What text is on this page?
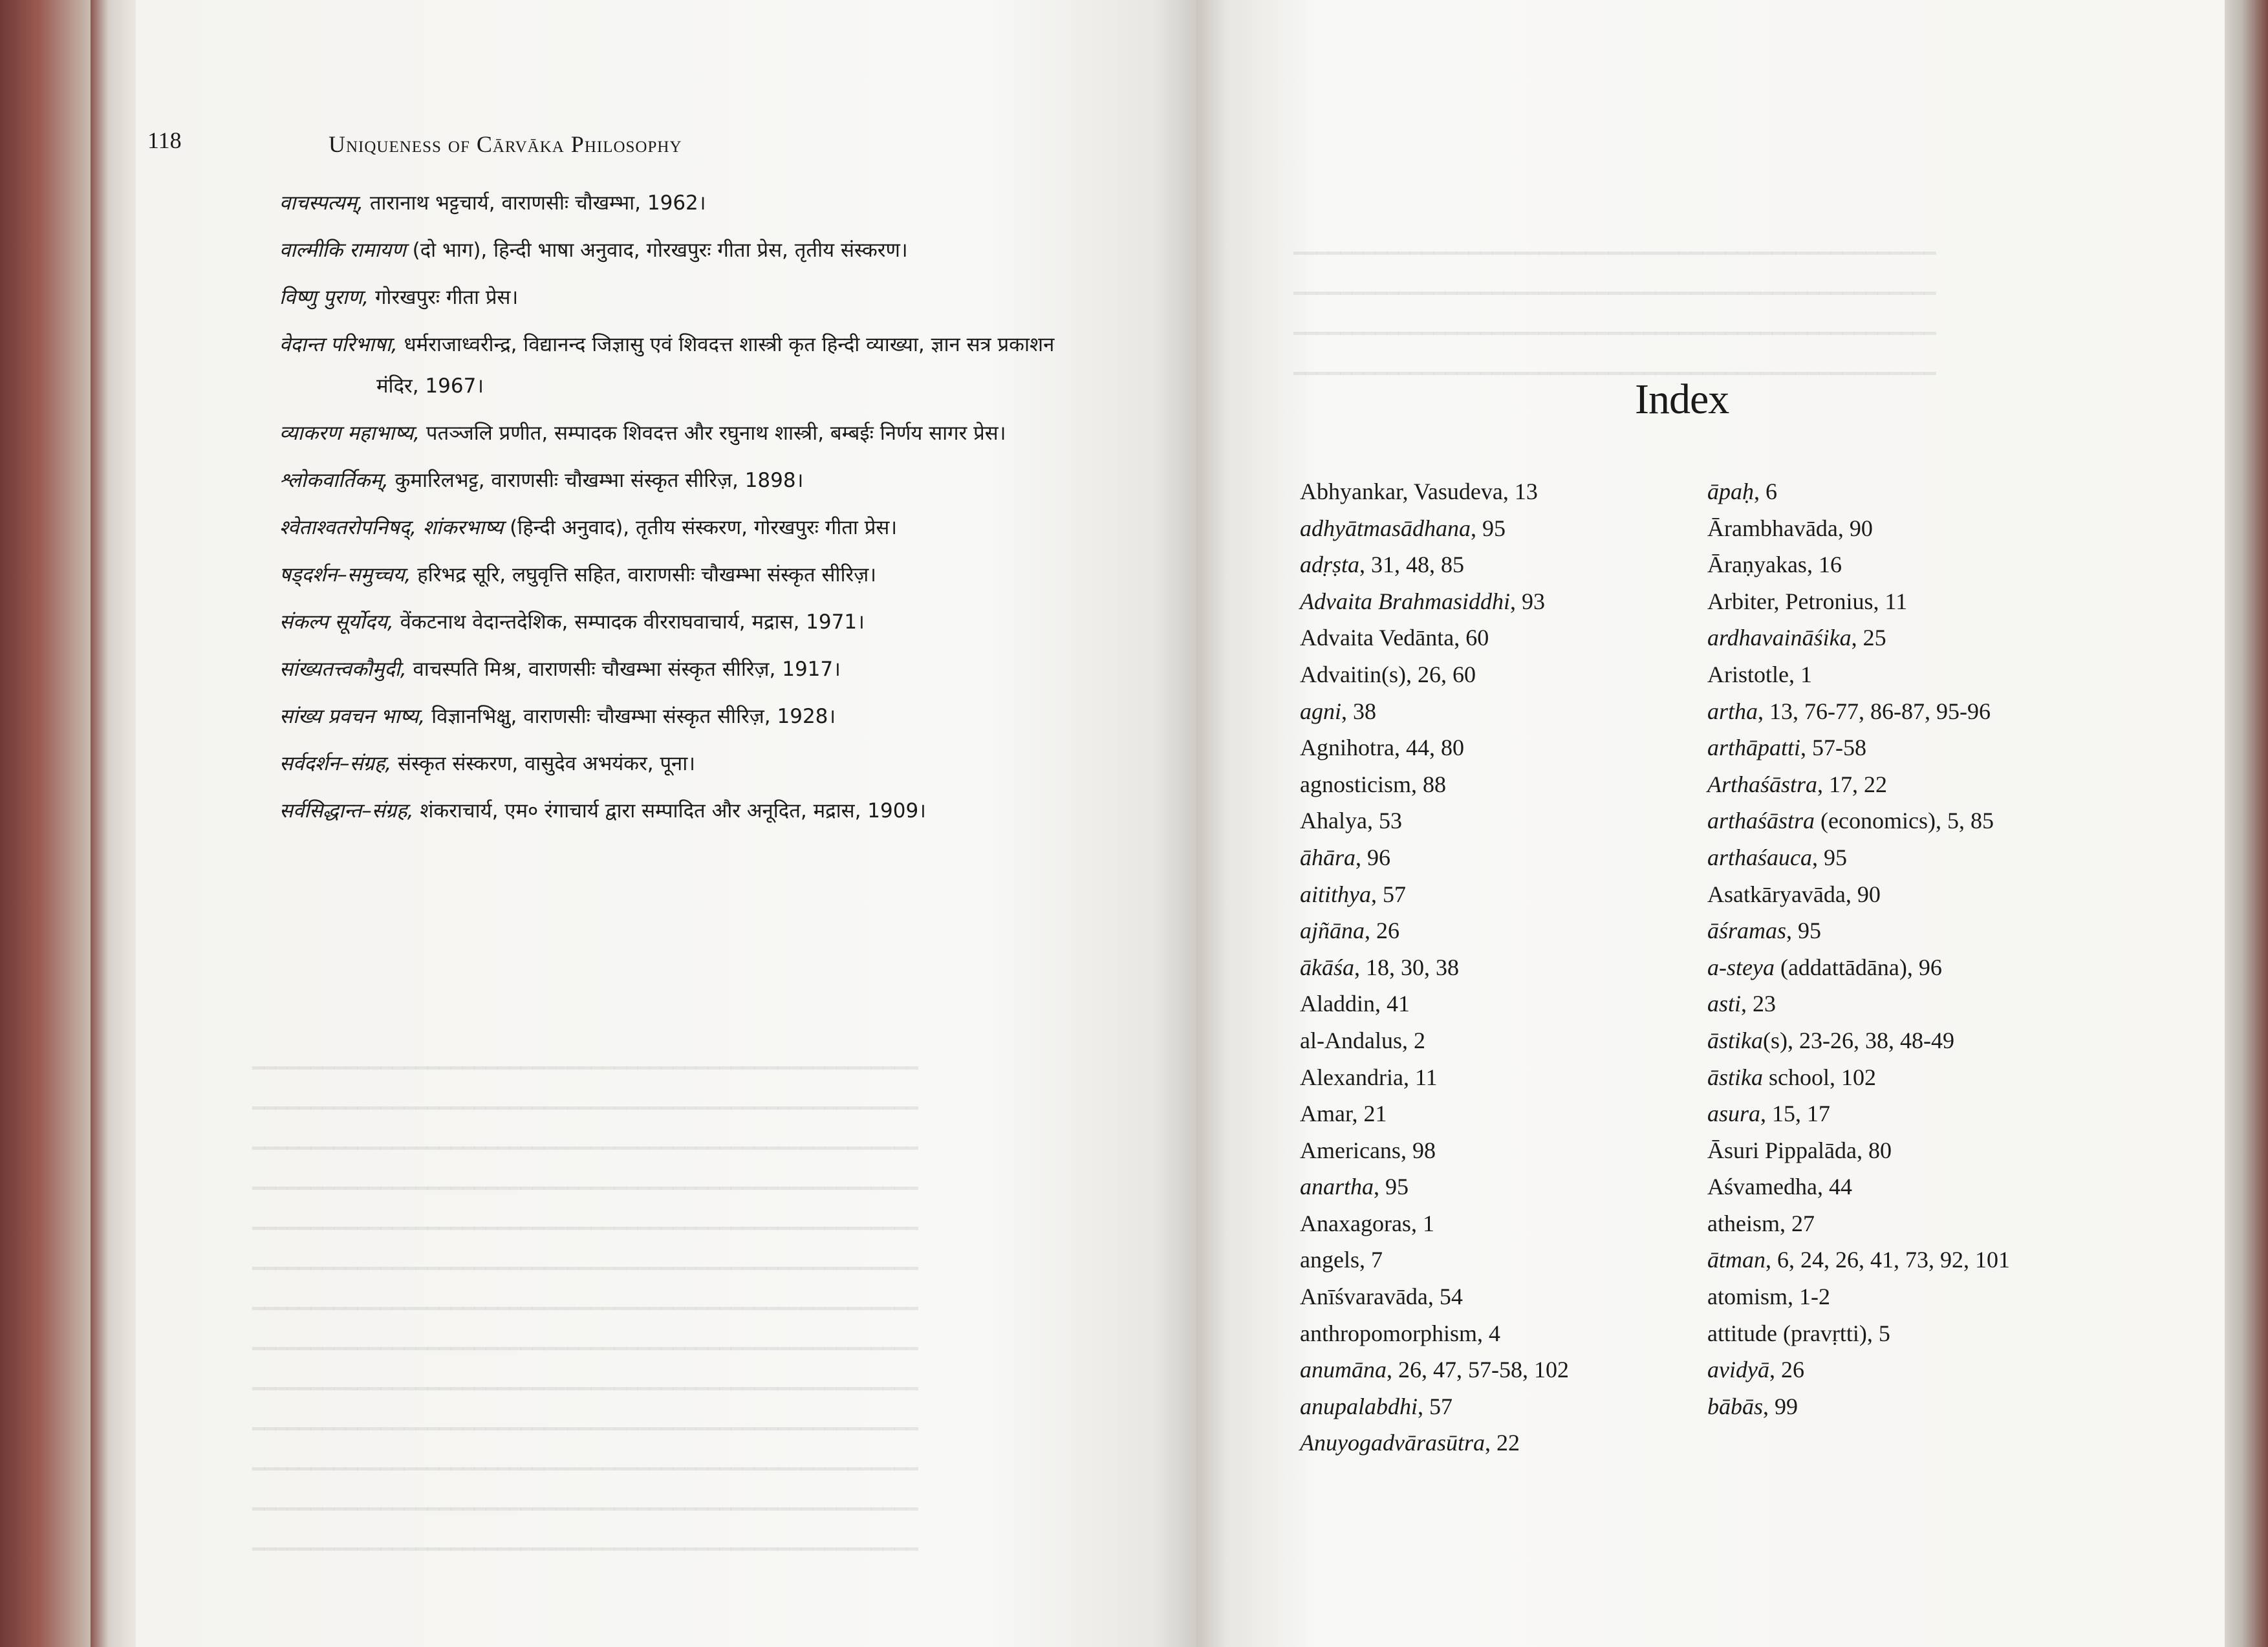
━━━━━━━━━━━━━━━━━━━━━━━━━━━━━━━━━━━━━━━━━━━━━━━━━━━━━━━━━
━━━━━━━━━━━━━━━━━━━━━━━━━━━━━━━━━━━━━━━━━━━━━━━━━━━━━━━━━
━━━━━━━━━━━━━━━━━━━━━━━━━━━━━━━━━━━━━━━━━━━━━━━━━━━━━━━━━
━━━━━━━━━━━━━━━━━━━━━━━━━━━━━━━━━━━━━━━━━━━━━━━━━━━━━━━━━
━━━━━━━━━━━━━━━━━━━━━━━━━━━━━━━━━━━━━━━━━━━━━━━━━━━━━━━━━
━━━━━━━━━━━━━━━━━━━━━━━━━━━━━━━━━━━━━━━━━━━━━━━━━━━━━━━━━
━━━━━━━━━━━━━━━━━━━━━━━━━━━━━━━━━━━━━━━━━━━━━━━━━━━━━━━━━
━━━━━━━━━━━━━━━━━━━━━━━━━━━━━━━━━━━━━━━━━━━━━━━━━━━━━━━━━
━━━━━━━━━━━━━━━━━━━━━━━━━━━━━━━━━━━━━━━━━━━━━━━━━━━━━━━━━
━━━━━━━━━━━━━━━━━━━━━━━━━━━━━━━━━━━━━━━━━━━━━━━━━━━━━━━━━
━━━━━━━━━━━━━━━━━━━━━━━━━━━━━━━━━━━━━━━━━━━━━━━━━━━━━━━━━
━━━━━━━━━━━━━━━━━━━━━━━━━━━━━━━━━━━━━━━━━━━━━━━━━━━━━━━━━
━━━━━━━━━━━━━━━━━━━━━━━━━━━━━━━━━━━━━━━━━━━━━━━━━━━━━━━━━

━━━━━━━━━━━━━━━━━━━━━━━━━━━━━━━━━━━━━━━━━━━━━━━━━━━━━━━
━━━━━━━━━━━━━━━━━━━━━━━━━━━━━━━━━━━━━━━━━━━━━━━━━━━━━━━
━━━━━━━━━━━━━━━━━━━━━━━━━━━━━━━━━━━━━━━━━━━━━━━━━━━━━━━
━━━━━━━━━━━━━━━━━━━━━━━━━━━━━━━━━━━━━━━━━━━━━━━━━━━━━━━
118	Uniqueness of Cārvāka Philosophy
वाचस्पत्यम्, तारानाथ भट्टचार्य, वाराणसीः चौखम्भा, 1962।
वाल्मीकि रामायण (दो भाग), हिन्दी भाषा अनुवाद, गोरखपुरः गीता प्रेस, तृतीय संस्करण।
विष्णु पुराण, गोरखपुरः गीता प्रेस।
वेदान्त परिभाषा, धर्मराजाध्वरीन्द्र, विद्यानन्द जिज्ञासु एवं शिवदत्त शास्त्री कृत हिन्दी व्याख्या, ज्ञान सत्र प्रकाशन मंदिर, 1967।
व्याकरण महाभाष्य, पतञ्जलि प्रणीत, सम्पादक शिवदत्त और रघुनाथ शास्त्री, बम्बईः निर्णय सागर प्रेस।
श्लोकवार्तिकम्, कुमारिलभट्ट, वाराणसीः चौखम्भा संस्कृत सीरिज़, 1898।
श्वेताश्वतरोपनिषद्, शांकरभाष्य (हिन्दी अनुवाद), तृतीय संस्करण, गोरखपुरः गीता प्रेस।
षड्दर्शन–समुच्चय, हरिभद्र सूरि, लघुवृत्ति सहित, वाराणसीः चौखम्भा संस्कृत सीरिज़।
संकल्प सूर्योदय, वेंकटनाथ वेदान्तदेशिक, सम्पादक वीरराघवाचार्य, मद्रास, 1971।
सांख्यतत्त्वकौमुदी, वाचस्पति मिश्र, वाराणसीः चौखम्भा संस्कृत सीरिज़, 1917।
सांख्य प्रवचन भाष्य, विज्ञानभिक्षु, वाराणसीः चौखम्भा संस्कृत सीरिज़, 1928।
सर्वदर्शन–संग्रह, संस्कृत संस्करण, वासुदेव अभयंकर, पूना।
सर्वसिद्धान्त–संग्रह, शंकराचार्य, एम० रंगाचार्य द्वारा सम्पादित और अनूदित, मद्रास, 1909।
Index
Abhyankar, Vasudeva, 13
adhyātmasādhana, 95
adṛṣta, 31, 48, 85
Advaita Brahmasiddhi, 93
Advaita Vedānta, 60
Advaitin(s), 26, 60
agni, 38
Agnihotra, 44, 80
agnosticism, 88
Ahalya, 53
āhāra, 96
aitithya, 57
ajñāna, 26
ākāśa, 18, 30, 38
Aladdin, 41
al-Andalus, 2
Alexandria, 11
Amar, 21
Americans, 98
anartha, 95
Anaxagoras, 1
angels, 7
Anīśvaravāda, 54
anthropomorphism, 4
anumāna, 26, 47, 57-58, 102
anupalabdhi, 57
Anuyogadvārasūtra, 22
āpaḥ, 6
Ārambhavāda, 90
Āraṇyakas, 16
Arbiter, Petronius, 11
ardhavaināśika, 25
Aristotle, 1
artha, 13, 76-77, 86-87, 95-96
arthāpatti, 57-58
Arthaśāstra, 17, 22
arthaśāstra (economics), 5, 85
arthaśauca, 95
Asatkāryavāda, 90
āśramas, 95
a-steya (addattādāna), 96
asti, 23
āstika(s), 23-26, 38, 48-49
āstika school, 102
asura, 15, 17
Āsuri Pippalāda, 80
Aśvamedha, 44
atheism, 27
ātman, 6, 24, 26, 41, 73, 92, 101
atomism, 1-2
attitude (pravṛtti), 5
avidyā, 26
bābās, 99
